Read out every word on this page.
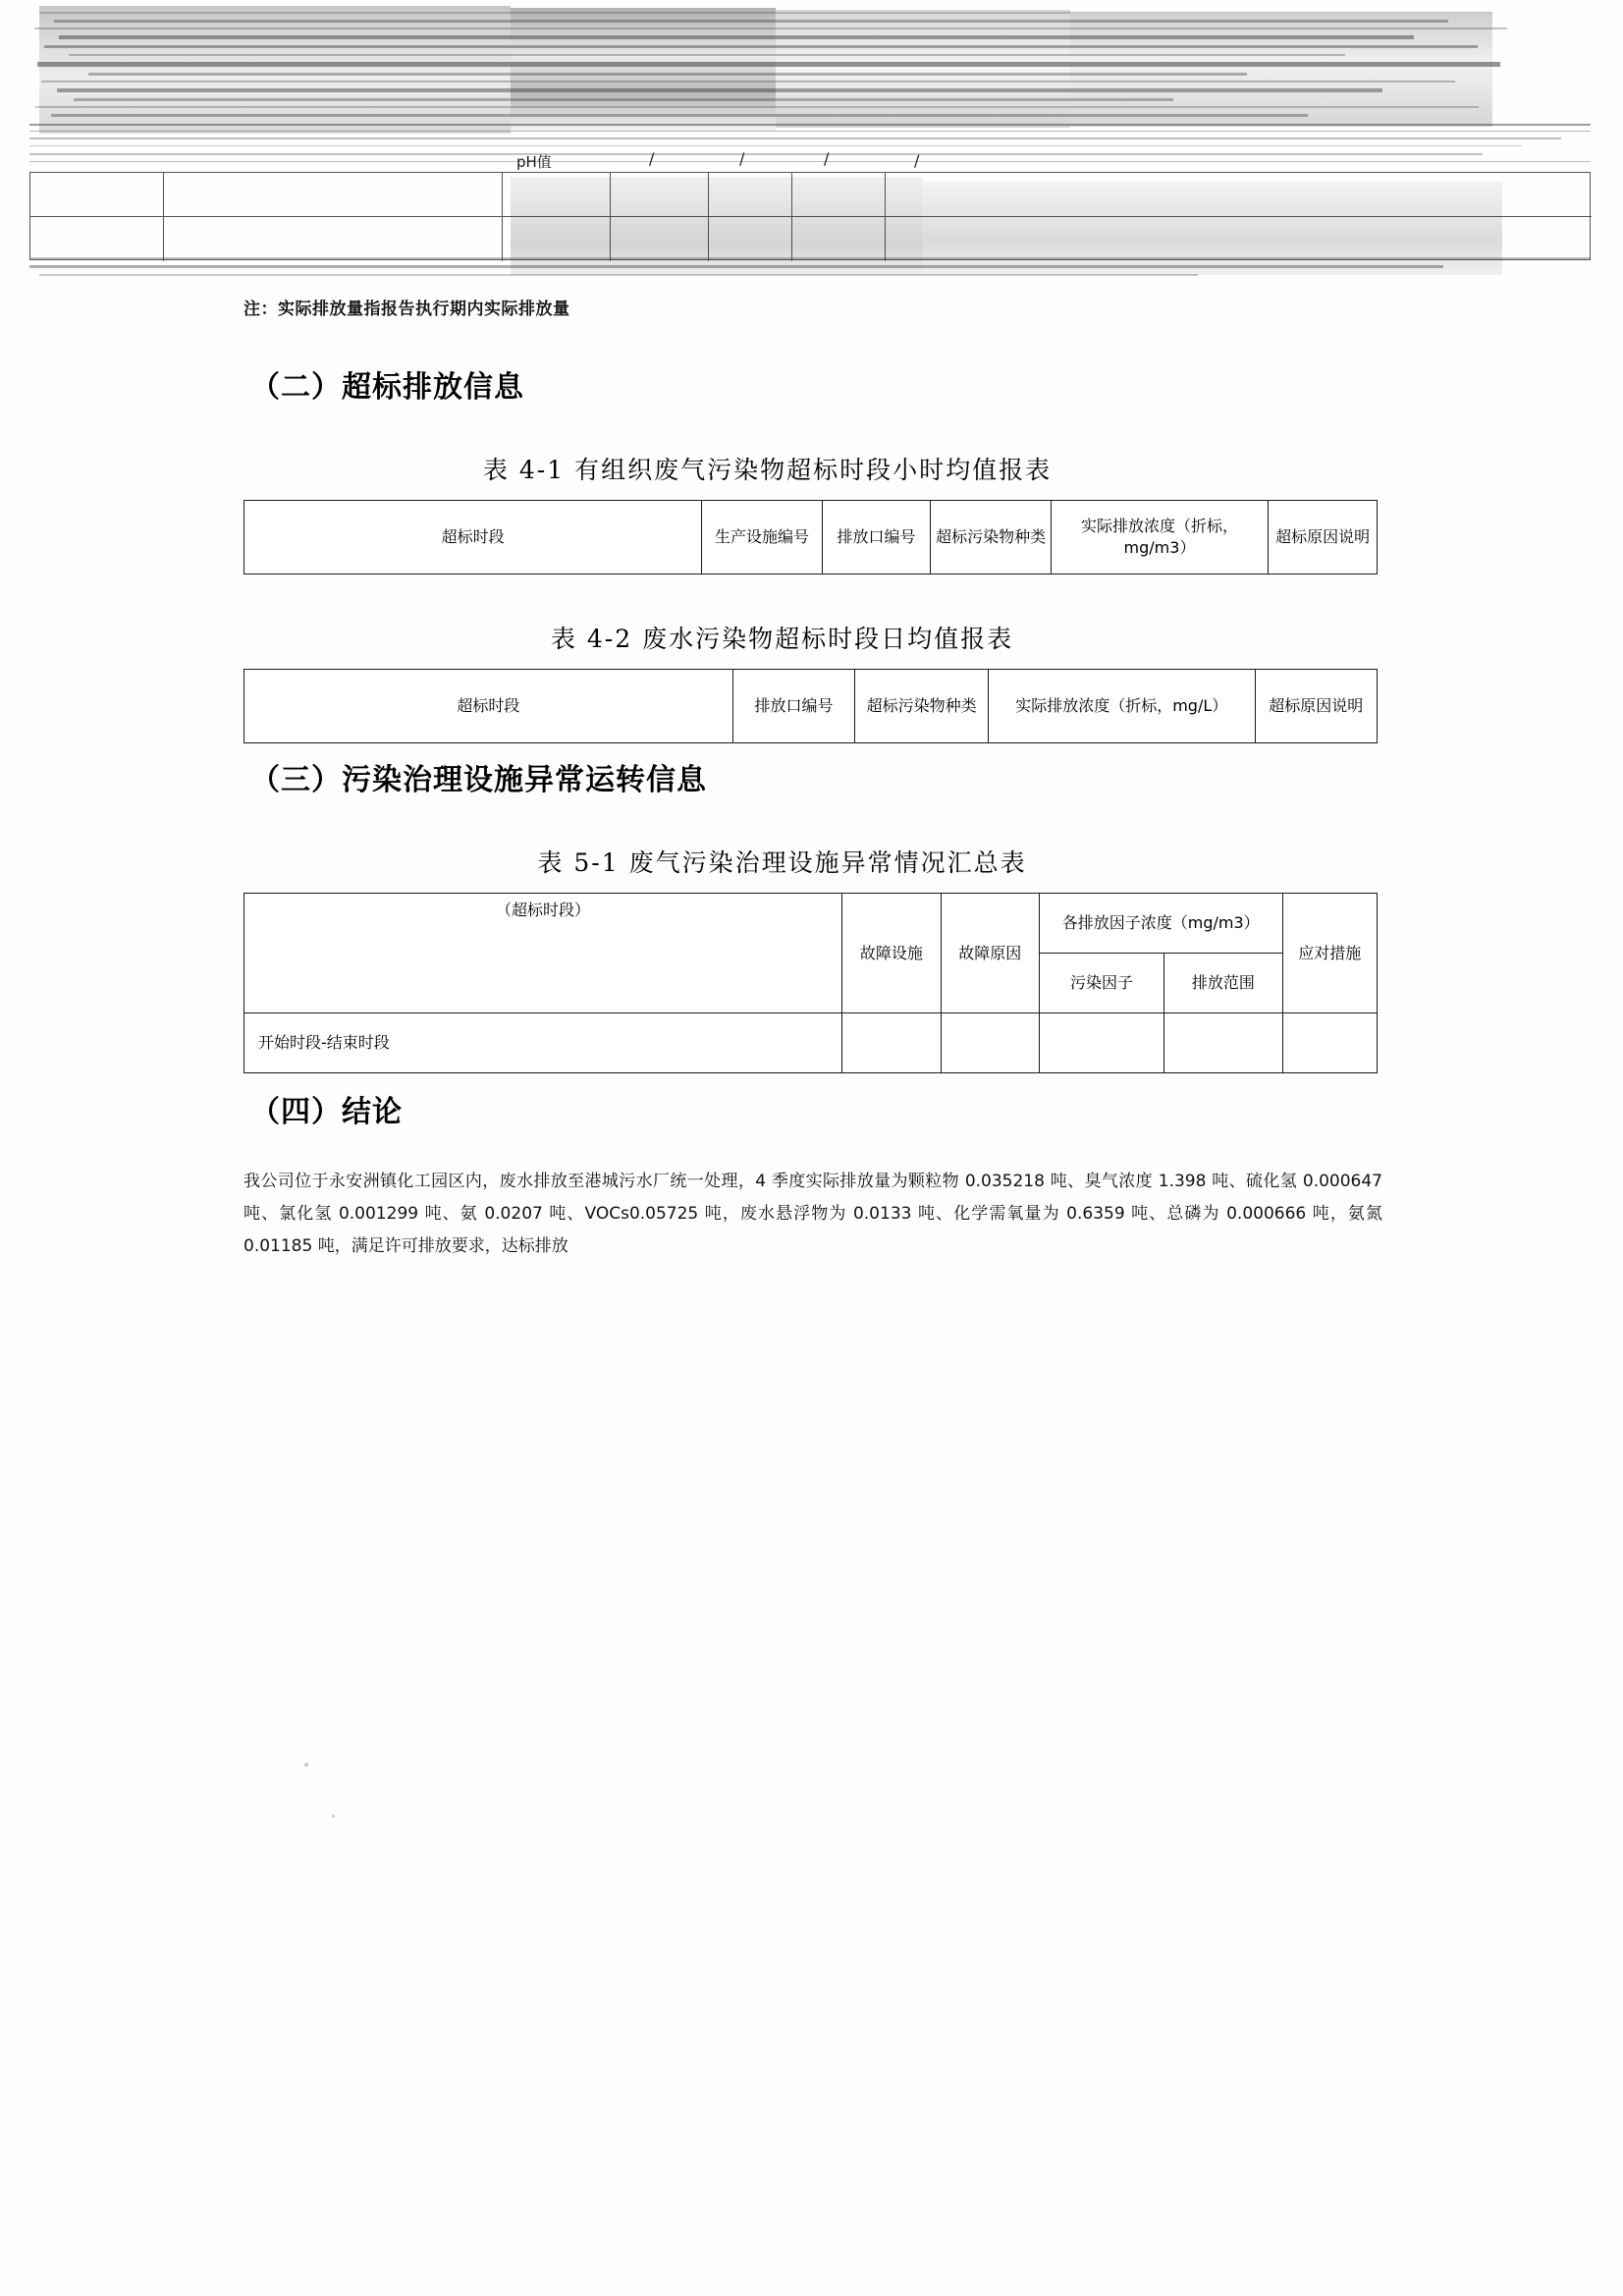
pH值	/	/	/	/

注：实际排放量指报告执行期内实际排放量

（二）超标排放信息
表 4-1 有组织废气污染物超标时段小时均值报表
超标时段	生产设施编号	排放口编号	超标污染物种类	实际排放浓度（折标，mg/m3）	超标原因说明
表 4-2 废水污染物超标时段日均值报表
超标时段	排放口编号	超标污染物种类	实际排放浓度（折标，mg/L）	超标原因说明
（三）污染治理设施异常运转信息
表 5-1 废气污染治理设施异常情况汇总表
（超标时段）	故障设施	故障原因	各排放因子浓度（mg/m3）		应对措施
			污染因子	排放范围	
开始时段-结束时段					
（四）结论

我公司位于永安洲镇化工园区内，废水排放至港城污水厂统一处理，4 季度实际排放量为颗粒物 0.035218 吨、臭气浓度 1.398 吨、硫化氢 0.000647 吨、氯化氢 0.001299 吨、氨 0.0207 吨、VOCs0.05725 吨，废水悬浮物为 0.0133 吨、化学需氧量为 0.6359 吨、总磷为 0.000666 吨，氨氮 0.01185 吨，满足许可排放要求，达标排放
